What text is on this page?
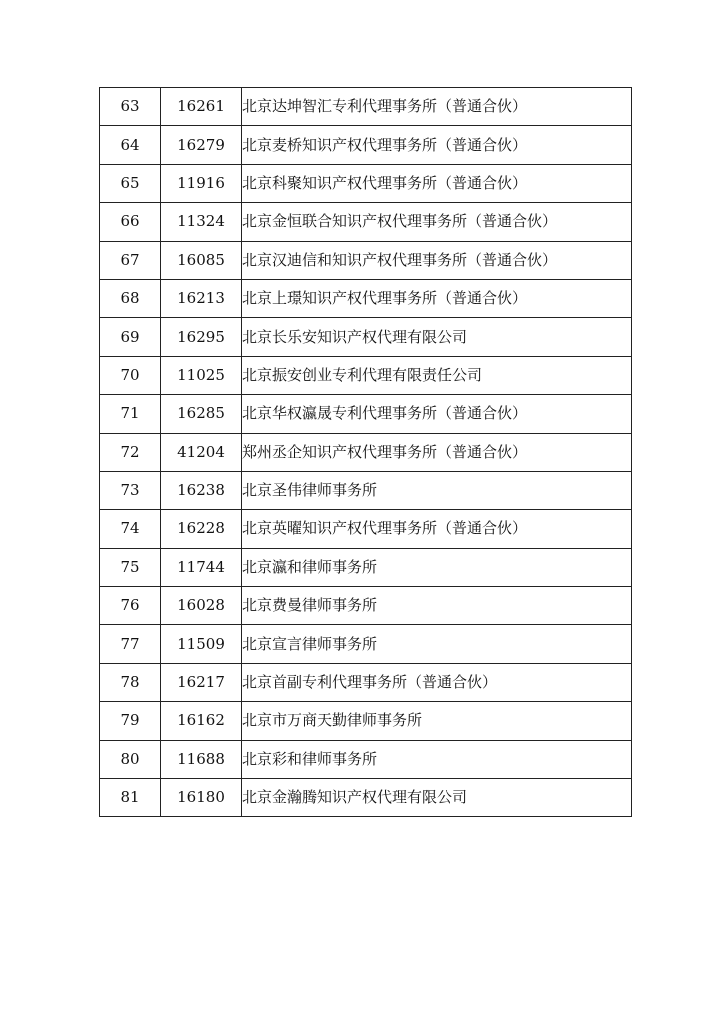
63	16261	北京达坤智汇专利代理事务所（普通合伙）
64	16279	北京麦桥知识产权代理事务所（普通合伙）
65	11916	北京科聚知识产权代理事务所（普通合伙）
66	11324	北京金恒联合知识产权代理事务所（普通合伙）
67	16085	北京汉迪信和知识产权代理事务所（普通合伙）
68	16213	北京上璟知识产权代理事务所（普通合伙）
69	16295	北京长乐安知识产权代理有限公司
70	11025	北京振安创业专利代理有限责任公司
71	16285	北京华权瀛晟专利代理事务所（普通合伙）
72	41204	郑州丞企知识产权代理事务所（普通合伙）
73	16238	北京圣伟律师事务所
74	16228	北京英曜知识产权代理事务所（普通合伙）
75	11744	北京瀛和律师事务所
76	16028	北京费曼律师事务所
77	11509	北京宣言律师事务所
78	16217	北京首副专利代理事务所（普通合伙）
79	16162	北京市万商天勤律师事务所
80	11688	北京彩和律师事务所
81	16180	北京金瀚腾知识产权代理有限公司
